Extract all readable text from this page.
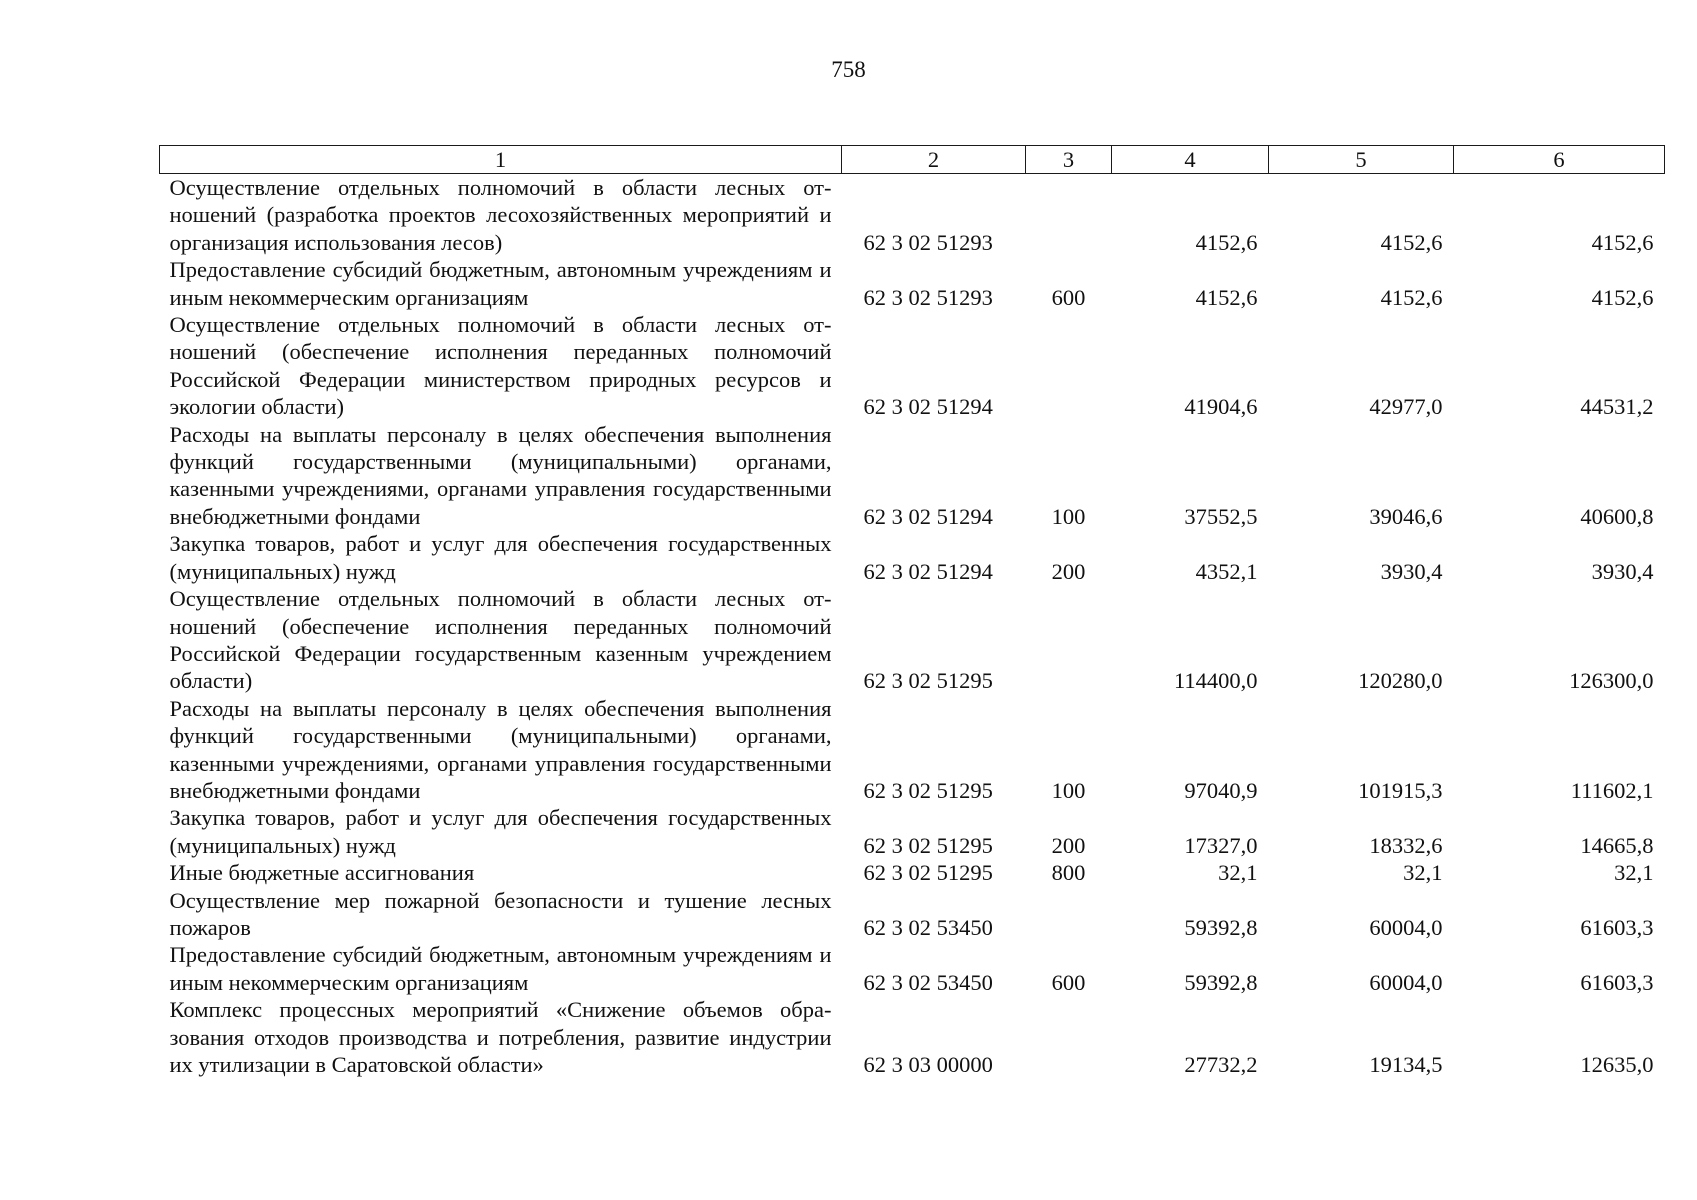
758
1	2	3	4	5	6
Осуществление отдельных полномочий в области лесных отношений (разработка проектов лесохозяйственных мероприятий и организация использования лесов)	62 3 02 51293		4152,6	4152,6	4152,6
Предоставление субсидий бюджетным, автономным учреждениям и иным некоммерческим организациям	62 3 02 51293	600	4152,6	4152,6	4152,6
Осуществление отдельных полномочий в области лесных отношений (обеспечение исполнения переданных полномочий Российской Федерации министерством природных ресурсов и экологии области)	62 3 02 51294		41904,6	42977,0	44531,2
Расходы на выплаты персоналу в целях обеспечения выполнения функций государственными (муниципальными) органами, казенными учреждениями, органами управления государственными внебюджетными фондами	62 3 02 51294	100	37552,5	39046,6	40600,8
Закупка товаров, работ и услуг для обеспечения государственных (муниципальных) нужд	62 3 02 51294	200	4352,1	3930,4	3930,4
Осуществление отдельных полномочий в области лесных отношений (обеспечение исполнения переданных полномочий Российской Федерации государственным казенным учреждением области)	62 3 02 51295		114400,0	120280,0	126300,0
Расходы на выплаты персоналу в целях обеспечения выполнения функций государственными (муниципальными) органами, казенными учреждениями, органами управления государственными внебюджетными фондами	62 3 02 51295	100	97040,9	101915,3	111602,1
Закупка товаров, работ и услуг для обеспечения государственных (муниципальных) нужд	62 3 02 51295	200	17327,0	18332,6	14665,8
Иные бюджетные ассигнования	62 3 02 51295	800	32,1	32,1	32,1
Осуществление мер пожарной безопасности и тушение лесных пожаров	62 3 02 53450		59392,8	60004,0	61603,3
Предоставление субсидий бюджетным, автономным учреждениям и иным некоммерческим организациям	62 3 02 53450	600	59392,8	60004,0	61603,3
Комплекс процессных мероприятий «Снижение объемов образования отходов производства и потребления, развитие индустрии их утилизации в Саратовской области»	62 3 03 00000		27732,2	19134,5	12635,0
